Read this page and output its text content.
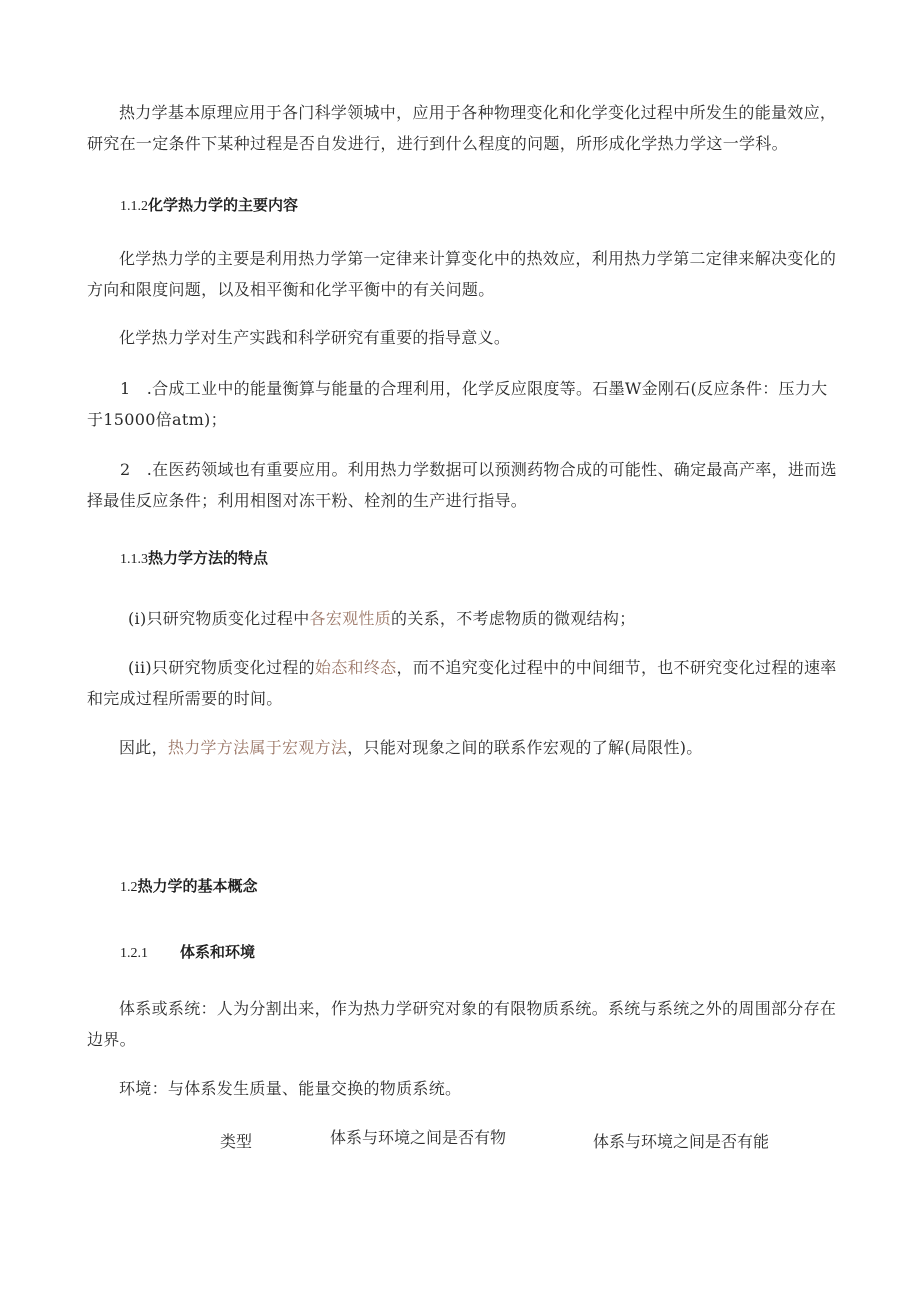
热力学基本原理应用于各门科学领城中，应用于各种物理变化和化学变化过程中所发生的能量效应，研究在一定条件下某种过程是否自发进行，进行到什么程度的问题，所形成化学热力学这一学科。

1.1.2化学热力学的主要内容

化学热力学的主要是利用热力学第一定律来计算变化中的热效应，利用热力学第二定律来解决变化的方向和限度问题，以及相平衡和化学平衡中的有关问题。

化学热力学对生产实践和科学研究有重要的指导意义。

1　.合成工业中的能量衡算与能量的合理利用，化学反应限度等。石墨W金刚石(反应条件：压力大于15000倍atm)；

2　.在医药领域也有重要应用。利用热力学数据可以预测药物合成的可能性、确定最高产率，进而选择最佳反应条件；利用相图对冻干粉、栓剂的生产进行指导。

1.1.3热力学方法的特点

(i)只研究物质变化过程中各宏观性质的关系，不考虑物质的微观结构；

(ii)只研究物质变化过程的始态和终态，而不追究变化过程中的中间细节，也不研究变化过程的速率和完成过程所需要的时间。

因此，热力学方法属于宏观方法，只能对现象之间的联系作宏观的了解(局限性)。

1.2热力学的基本概念
1.2.1 体系和环境

体系或系统：人为分割出来，作为热力学研究对象的有限物质系统。系统与系统之外的周围部分存在边界。

环境：与体系发生质量、能量交换的物质系统。

类型	体系与环境之间是否有物	体系与环境之间是否有能
